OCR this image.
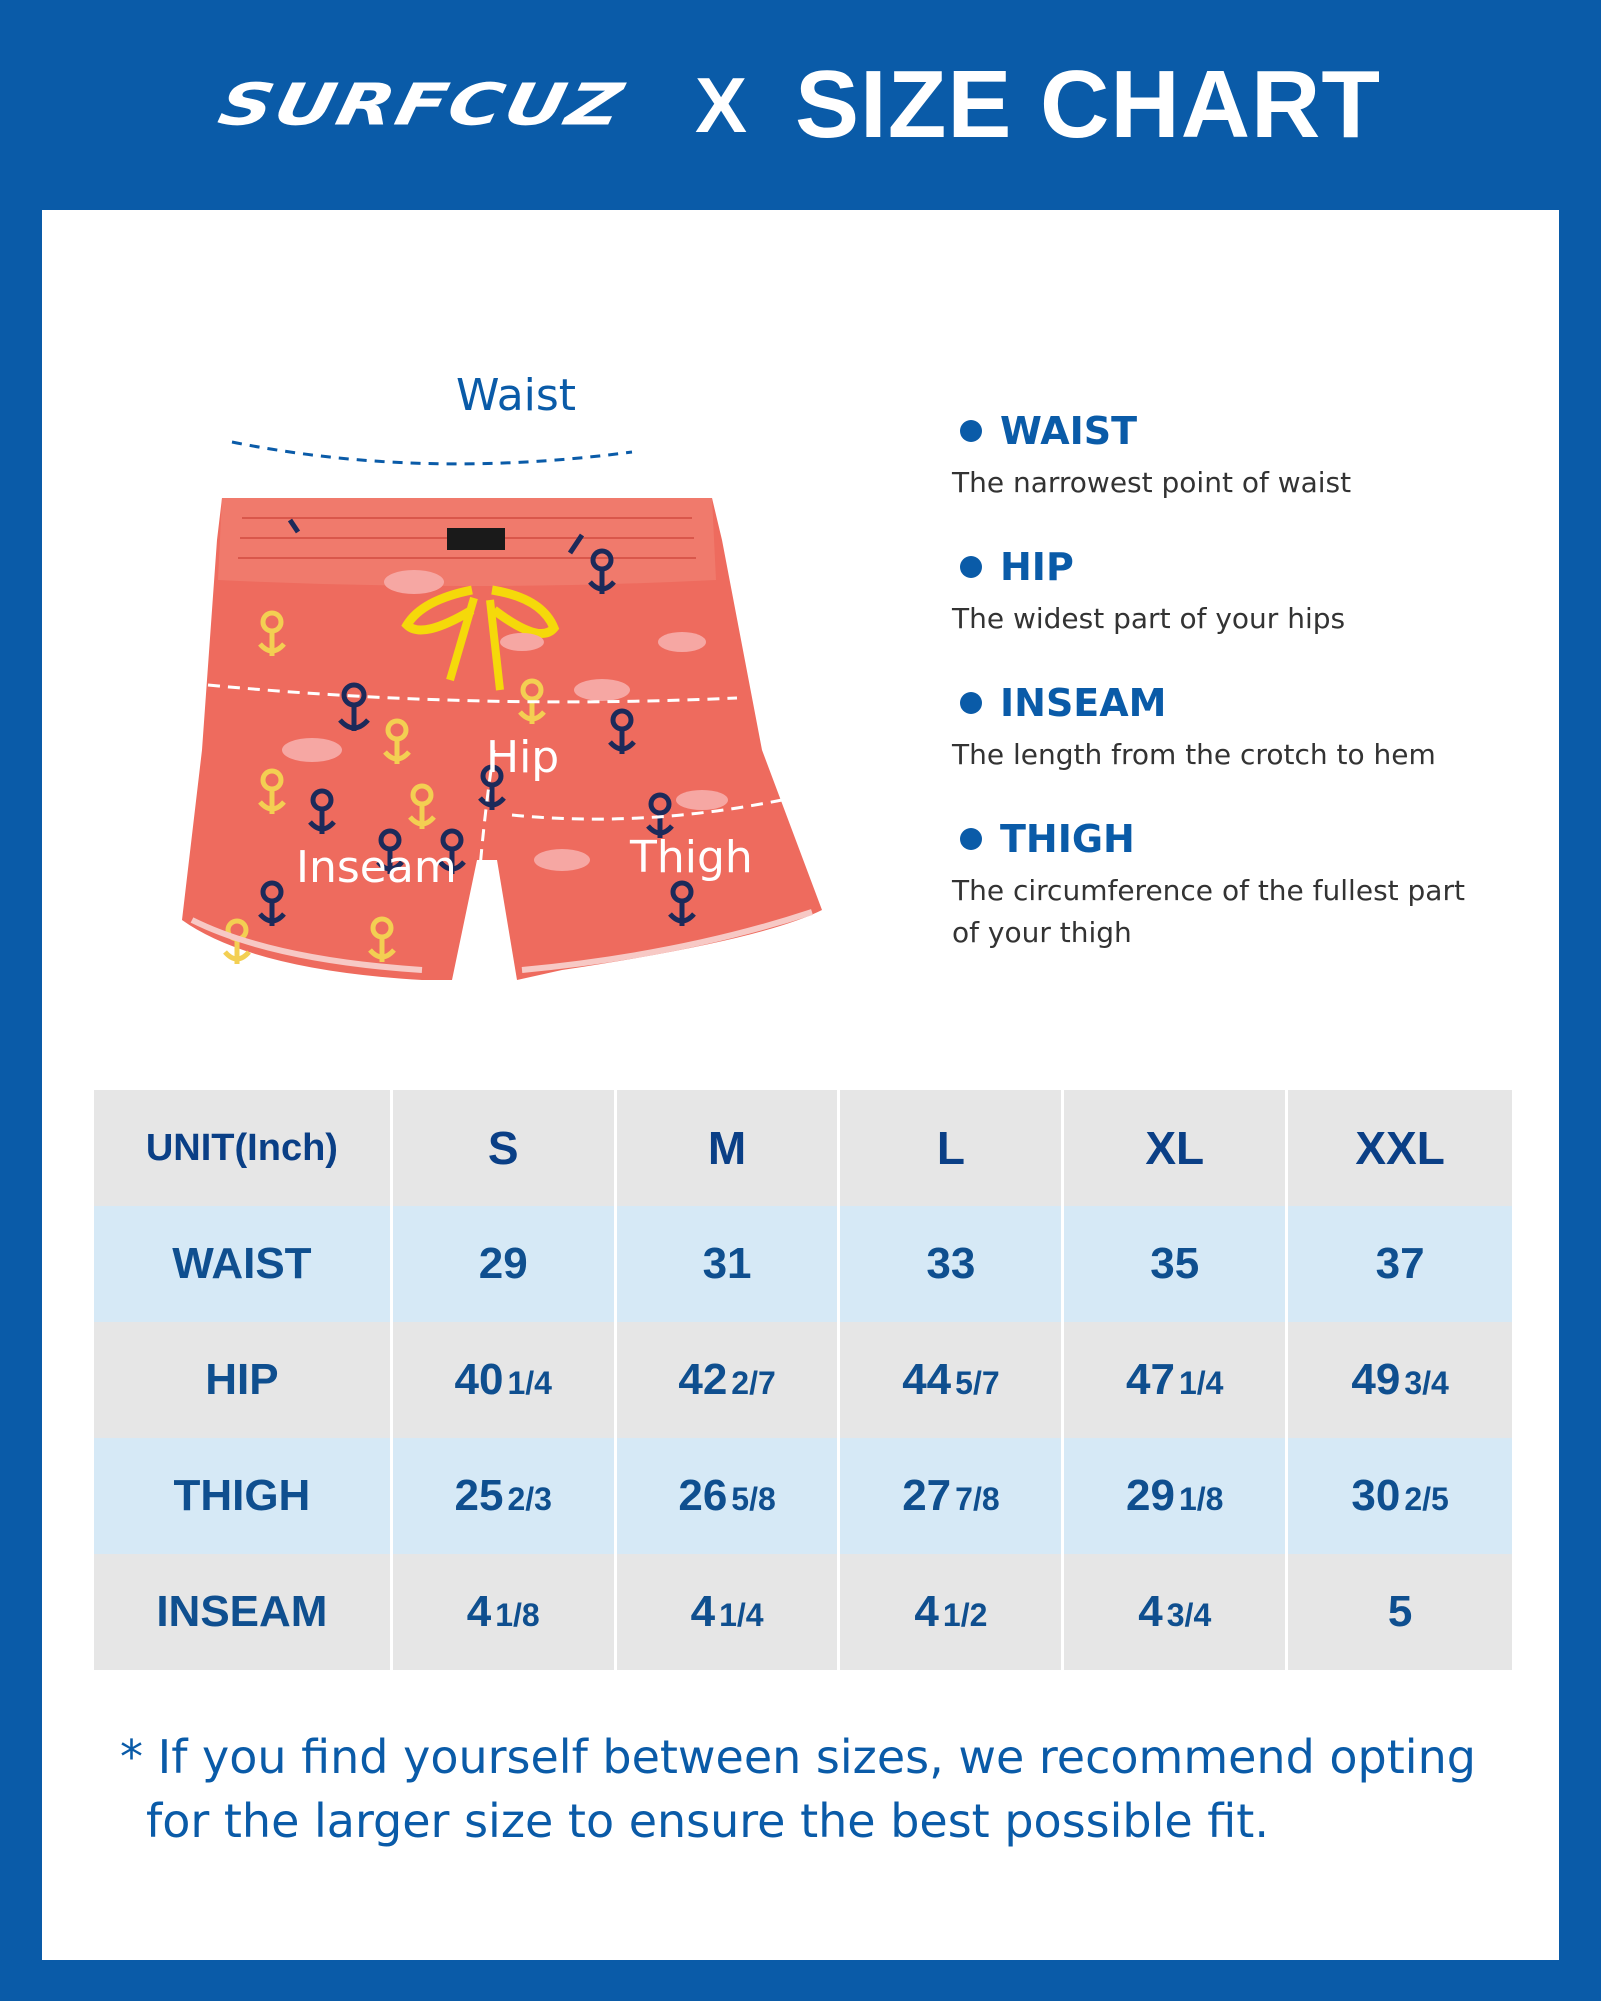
SURFCUZ X SIZE CHART
Waist
Hip
Inseam	Thigh
WAIST
The narrowest point of waist
HIP
The widest part of your hips
INSEAM
The length from the crotch to hem
THIGH
The circumference of the fullest part of your thigh
UNIT(Inch)	S	M	L	XL	XXL
WAIST	29	31	33	35	37
HIP	40 1/4	42 2/7	44 5/7	47 1/4	49 3/4
THIGH	25 2/3	26 5/8	27 7/8	29 1/8	30 2/5
INSEAM	4 1/8	4 1/4	4 1/2	4 3/4	5
* If you find yourself between sizes, we recommend opting
for the larger size to ensure the best possible fit.
